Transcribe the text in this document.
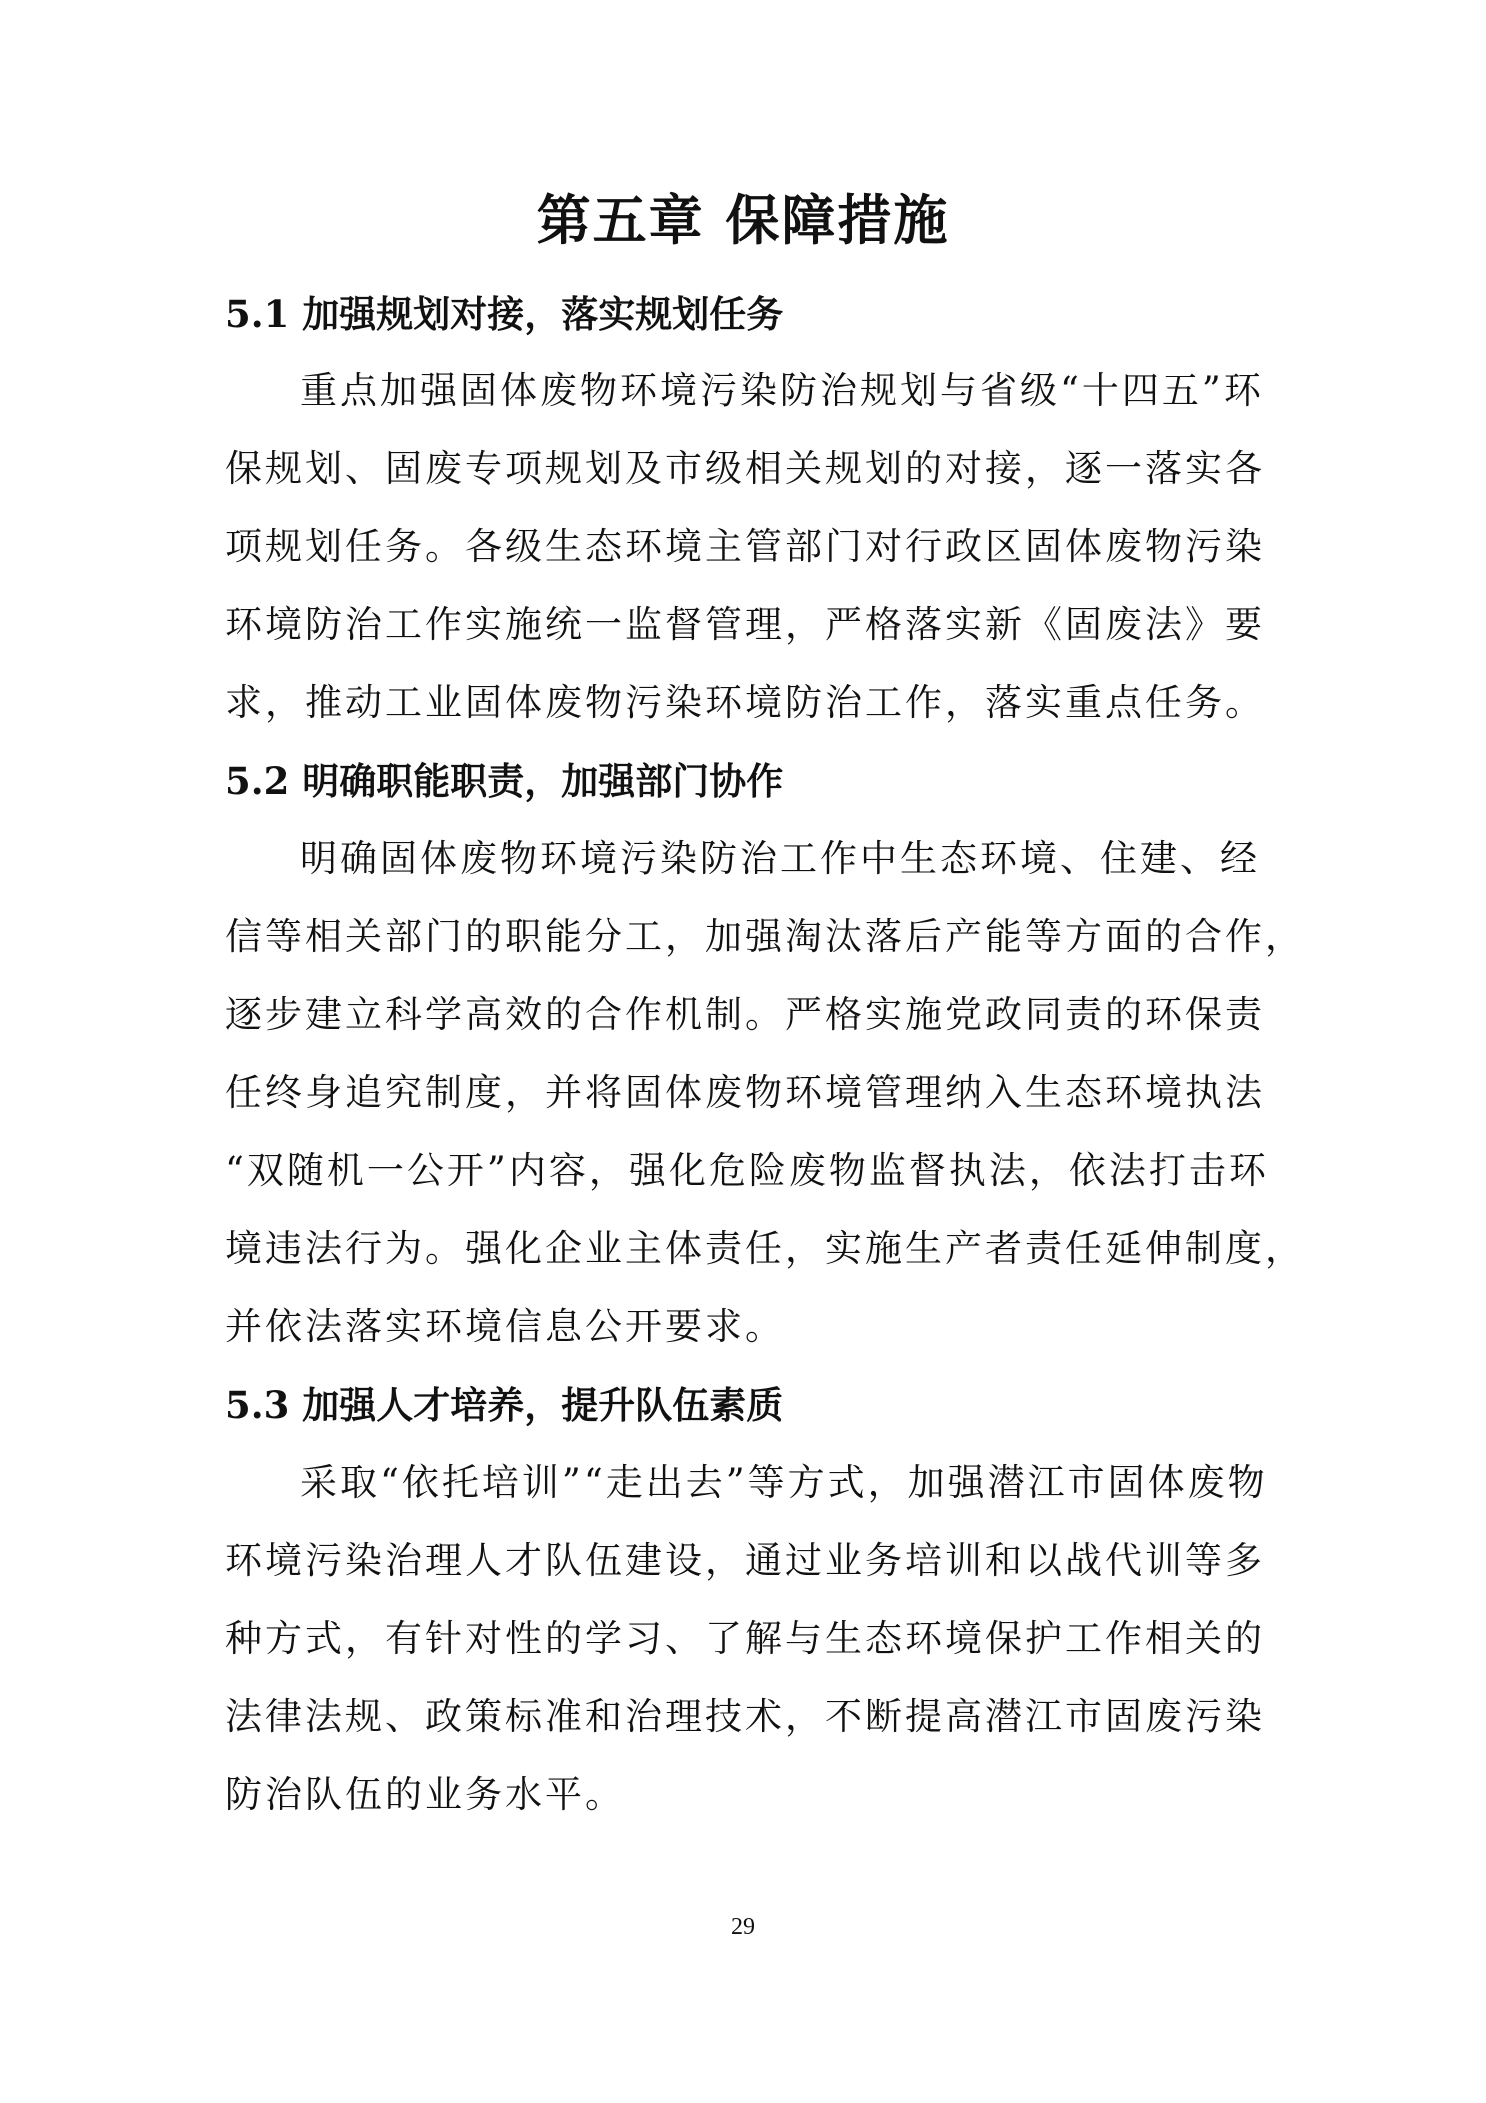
第五章 保障措施
5.1 加强规划对接，落实规划任务

重点加强固体废物环境污染防治规划与省级“十四五”环

保规划、固废专项规划及市级相关规划的对接，逐一落实各

项规划任务。各级生态环境主管部门对行政区固体废物污染

环境防治工作实施统一监督管理，严格落实新《固废法》要

求，推动工业固体废物污染环境防治工作，落实重点任务。

5.2 明确职能职责，加强部门协作

明确固体废物环境污染防治工作中生态环境、住建、经

信等相关部门的职能分工，加强淘汰落后产能等方面的合作，

逐步建立科学高效的合作机制。严格实施党政同责的环保责

任终身追究制度，并将固体废物环境管理纳入生态环境执法

“双随机一公开”内容，强化危险废物监督执法，依法打击环

境违法行为。强化企业主体责任，实施生产者责任延伸制度，

并依法落实环境信息公开要求。

5.3 加强人才培养，提升队伍素质

采取“依托培训”“走出去”等方式，加强潜江市固体废物

环境污染治理人才队伍建设，通过业务培训和以战代训等多

种方式，有针对性的学习、了解与生态环境保护工作相关的

法律法规、政策标准和治理技术，不断提高潜江市固废污染

防治队伍的业务水平。

29
